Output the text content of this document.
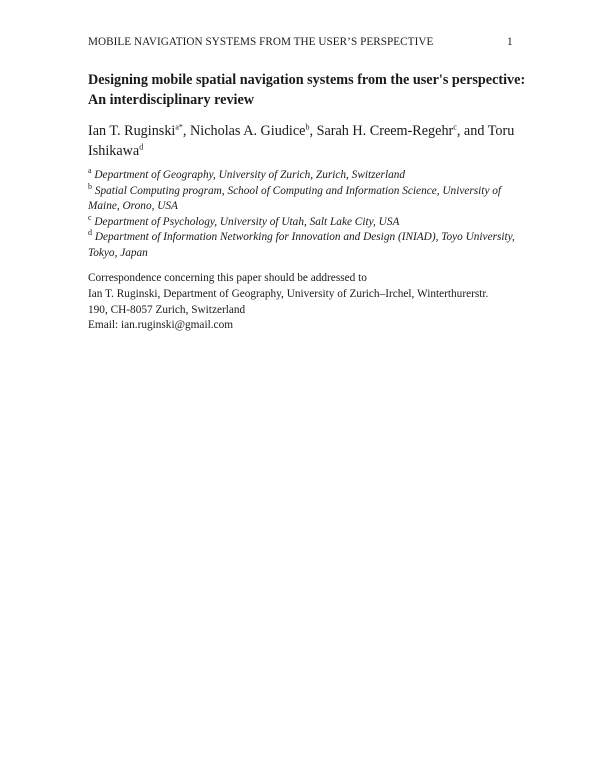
MOBILE NAVIGATION SYSTEMS FROM THE USER’S PERSPECTIVE	1
Designing mobile spatial navigation systems from the user's perspective:
An interdisciplinary review
Ian T. Ruginski$^{a*}$, Nicholas A. Giudice$^b$, Sarah H. Creem-Regehr$^c$, and Toru Ishikawa$^d$

$^a$ Department of Geography, University of Zurich, Zurich, Switzerland

$^b$ Spatial Computing program, School of Computing and Information Science, University of Maine, Orono, USA

$^c$ Department of Psychology, University of Utah, Salt Lake City, USA

$^d$ Department of Information Networking for Innovation and Design (INIAD), Toyo University, Tokyo, Japan

Correspondence concerning this paper should be addressed to
Ian T. Ruginski, Department of Geography, University of Zurich–Irchel, Winterthurerstr.
190, CH-8057 Zurich, Switzerland
Email: ian.ruginski@gmail.com
